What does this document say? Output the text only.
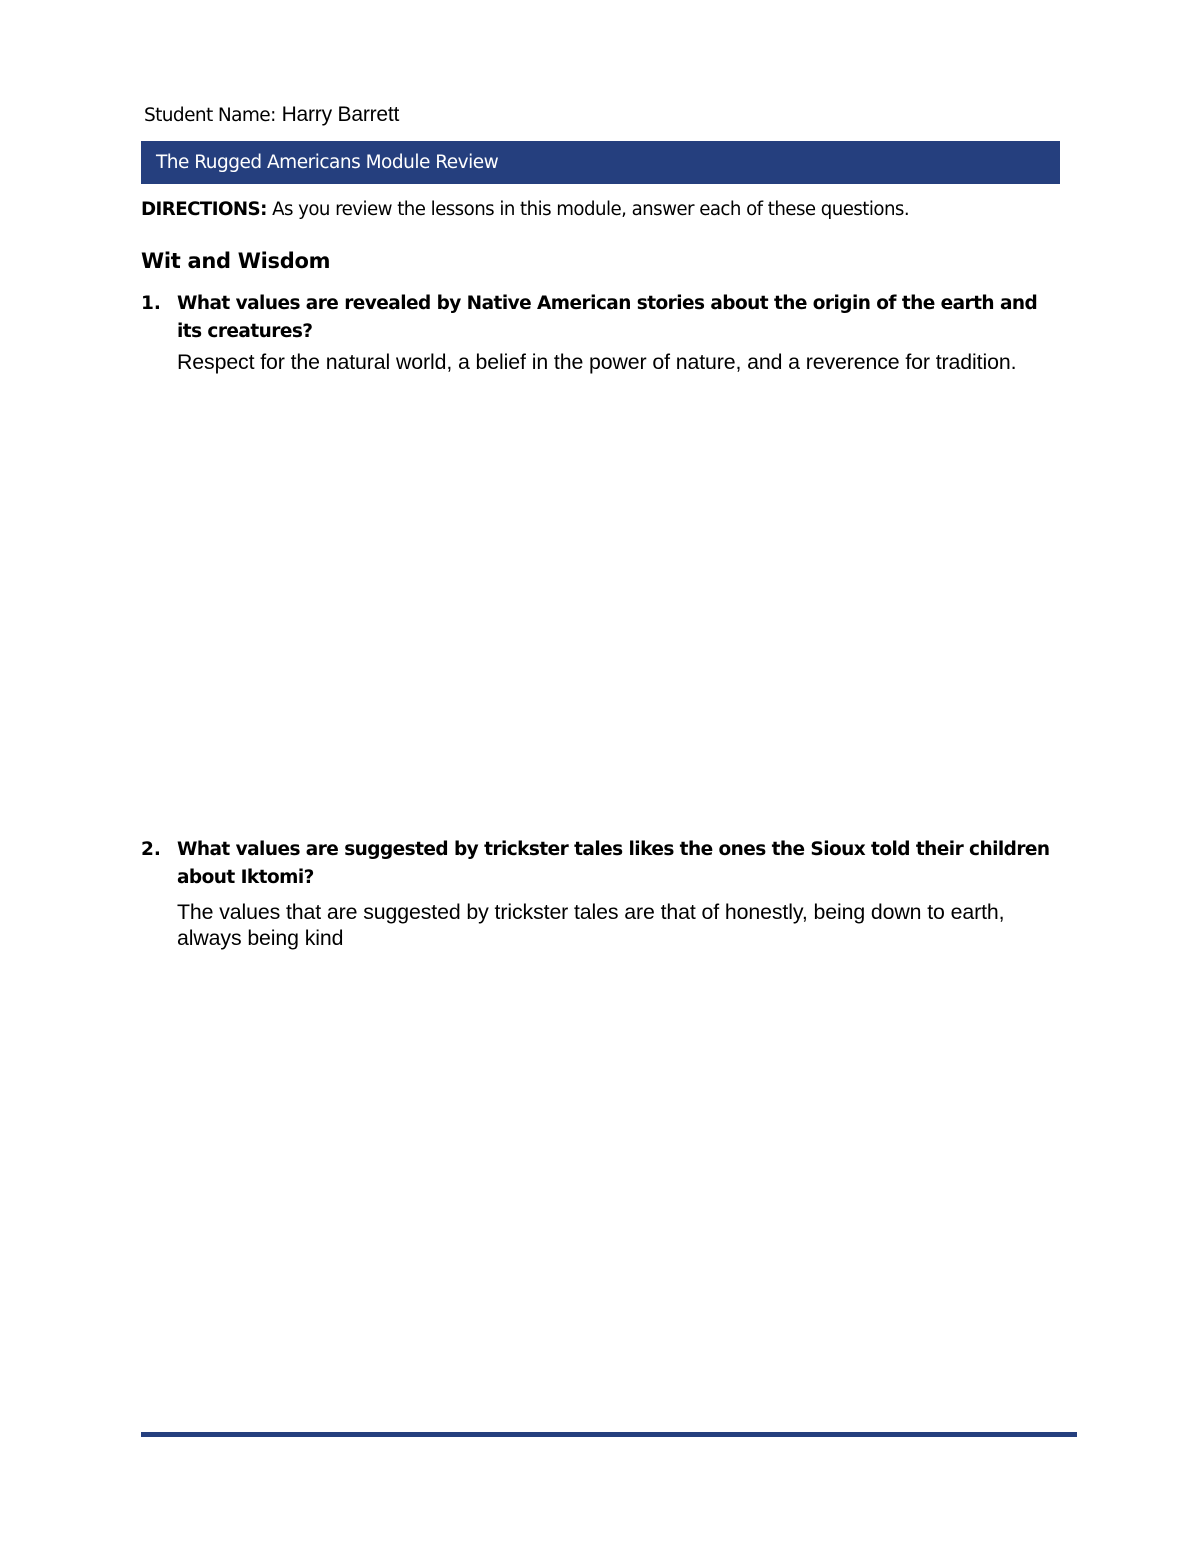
Student Name: Harry Barrett
The Rugged Americans Module Review
DIRECTIONS: As you review the lessons in this module, answer each of these questions.
Wit and Wisdom
1. What values are revealed by Native American stories about the origin of the earth and its creatures?
Respect for the natural world, a belief in the power of nature, and a reverence for tradition.
2. What values are suggested by trickster tales likes the ones the Sioux told their children about Iktomi?
The values that are suggested by trickster tales are that of honestly, being down to earth, always being kind
